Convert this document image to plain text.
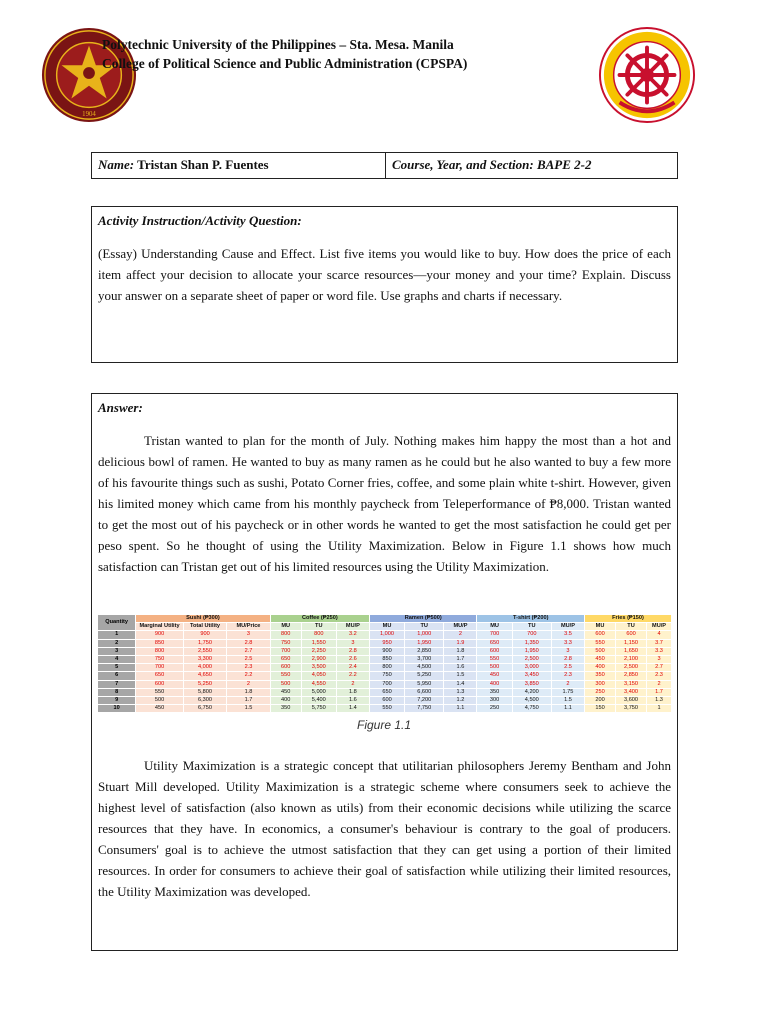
1904
Polytechnic University of the Philippines – Sta. Mesa. Manila
College of Political Science and Public Administration (CPSPA)
Name: Tristan Shan P. Fuentes	Course, Year, and Section: BAPE 2-2
Activity Instruction/Activity Question:

(Essay) Understanding Cause and Effect. List five items you would like to buy. How does the price of each item affect your decision to allocate your scarce resources—your money and your time? Explain. Discuss your answer on a separate sheet of paper or word file. Use graphs and charts if necessary.

Answer:

Tristan wanted to plan for the month of July. Nothing makes him happy the most than a hot and delicious bowl of ramen. He wanted to buy as many ramen as he could but he also wanted to buy a few more of his favourite things such as sushi, Potato Corner fries, coffee, and some plain white t-shirt. However, given his limited money which came from his monthly paycheck from Teleperformance of ₱8,000. Tristan wanted to get the most out of his paycheck or in other words he wanted to get the most satisfaction he could get per peso spent. So he thought of using the Utility Maximization. Below in Figure 1.1 shows how much satisfaction can Tristan get out of his limited resources using the Utility Maximization.

Utility Maximization is a strategic concept that utilitarian philosophers Jeremy Bentham and John Stuart Mill developed. Utility Maximization is a strategic scheme where consumers seek to achieve the highest level of satisfaction (also known as utils) from their economic decisions while utilizing the scarce resources that they have. In economics, a consumer's behaviour is contrary to the goal of producers. Consumers' goal is to achieve the utmost satisfaction that they can get using a portion of their limited resources. In order for consumers to achieve their goal of satisfaction while utilizing their limited resources, the Utility Maximization was developed.

Quantity	Sushi (₱300)			Coffee (₱250)			Ramen (₱500)			T-shirt (₱200)			Fries (₱150)		
	Marginal Utility	Total Utility	MU/Price	MU	TU	MU/P	MU	TU	MU/P	MU	TU	MU/P	MU	TU	MU/P
1	900	900	3	800	800	3.2	1,000	1,000	2	700	700	3.5	600	600	4
2	850	1,750	2.8	750	1,550	3	950	1,950	1.9	650	1,350	3.3	550	1,150	3.7
3	800	2,550	2.7	700	2,250	2.8	900	2,850	1.8	600	1,950	3	500	1,650	3.3
4	750	3,300	2.5	650	2,900	2.6	850	3,700	1.7	550	2,500	2.8	450	2,100	3
5	700	4,000	2.3	600	3,500	2.4	800	4,500	1.6	500	3,000	2.5	400	2,500	2.7
6	650	4,650	2.2	550	4,050	2.2	750	5,250	1.5	450	3,450	2.3	350	2,850	2.3
7	600	5,250	2	500	4,550	2	700	5,950	1.4	400	3,850	2	300	3,150	2
8	550	5,800	1.8	450	5,000	1.8	650	6,600	1.3	350	4,200	1.75	250	3,400	1.7
9	500	6,300	1.7	400	5,400	1.6	600	7,200	1.2	300	4,500	1.5	200	3,600	1.3
10	450	6,750	1.5	350	5,750	1.4	550	7,750	1.1	250	4,750	1.1	150	3,750	1
Figure 1.1
